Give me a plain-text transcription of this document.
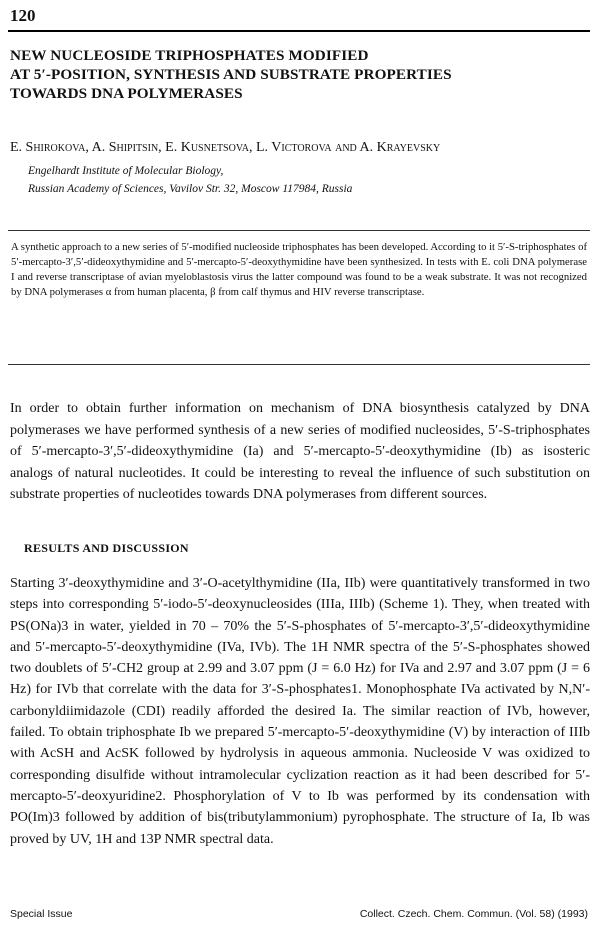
120
NEW NUCLEOSIDE TRIPHOSPHATES MODIFIED
AT 5′-POSITION, SYNTHESIS AND SUBSTRATE PROPERTIES
TOWARDS DNA POLYMERASES
E. Shirokova, A. Shipitsin, E. Kusnetsova, L. Victorova and A. Krayevsky
Engelhardt Institute of Molecular Biology,
Russian Academy of Sciences, Vavilov Str. 32, Moscow 117984, Russia
A synthetic approach to a new series of 5′-modified nucleoside triphosphates has been developed. According to it 5′-S-triphosphates of 5′-mercapto-3′,5′-dideoxythymidine and 5′-mercapto-5′-deoxythymidine have been synthesized. In tests with E. coli DNA polymerase I and reverse transcriptase of avian myeloblastosis virus the latter compound was found to be a weak substrate. It was not recognized by DNA polymerases α from human placenta, β from calf thymus and HIV reverse transcriptase.
In order to obtain further information on mechanism of DNA biosynthesis catalyzed by DNA polymerases we have performed synthesis of a new series of modified nucleosides, 5′-S-triphosphates of 5′-mercapto-3′,5′-dideoxythymidine (Ia) and 5′-mercapto-5′-deoxythymidine (Ib) as isosteric analogs of natural nucleotides. It could be interesting to reveal the influence of such substitution on substrate properties of nucleotides towards DNA polymerases from different sources.
RESULTS AND DISCUSSION
Starting 3′-deoxythymidine and 3′-O-acetylthymidine (IIa, IIb) were quantitatively transformed in two steps into corresponding 5′-iodo-5′-deoxynucleosides (IIIa, IIIb) (Scheme 1). They, when treated with PS(ONa)3 in water, yielded in 70 – 70% the 5′-S-phosphates of 5′-mercapto-3′,5′-dideoxythymidine and 5′-mercapto-5′-deoxythymidine (IVa, IVb). The 1H NMR spectra of the 5′-S-phosphates showed two doublets of 5′-CH2 group at 2.99 and 3.07 ppm (J = 6.0 Hz) for IVa and 2.97 and 3.07 ppm (J = 6 Hz) for IVb that correlate with the data for 3′-S-phosphates1. Monophosphate IVa activated by N,N′-carbonyldiimidazole (CDI) readily afforded the desired Ia. The similar reaction of IVb, however, failed. To obtain triphosphate Ib we prepared 5′-mercapto-5′-deoxythymidine (V) by interaction of IIIb with AcSH and AcSK followed by hydrolysis in aqueous ammonia. Nucleoside V was oxidized to corresponding disulfide without intramolecular cyclization reaction as it had been described for 5′-mercapto-5′-deoxyuridine2. Phosphorylation of V to Ib was performed by its condensation with PO(Im)3 followed by addition of bis(tributylammonium) pyrophosphate. The structure of Ia, Ib was proved by UV, 1H and 13P NMR spectral data.
Special Issue	Collect. Czech. Chem. Commun. (Vol. 58) (1993)
